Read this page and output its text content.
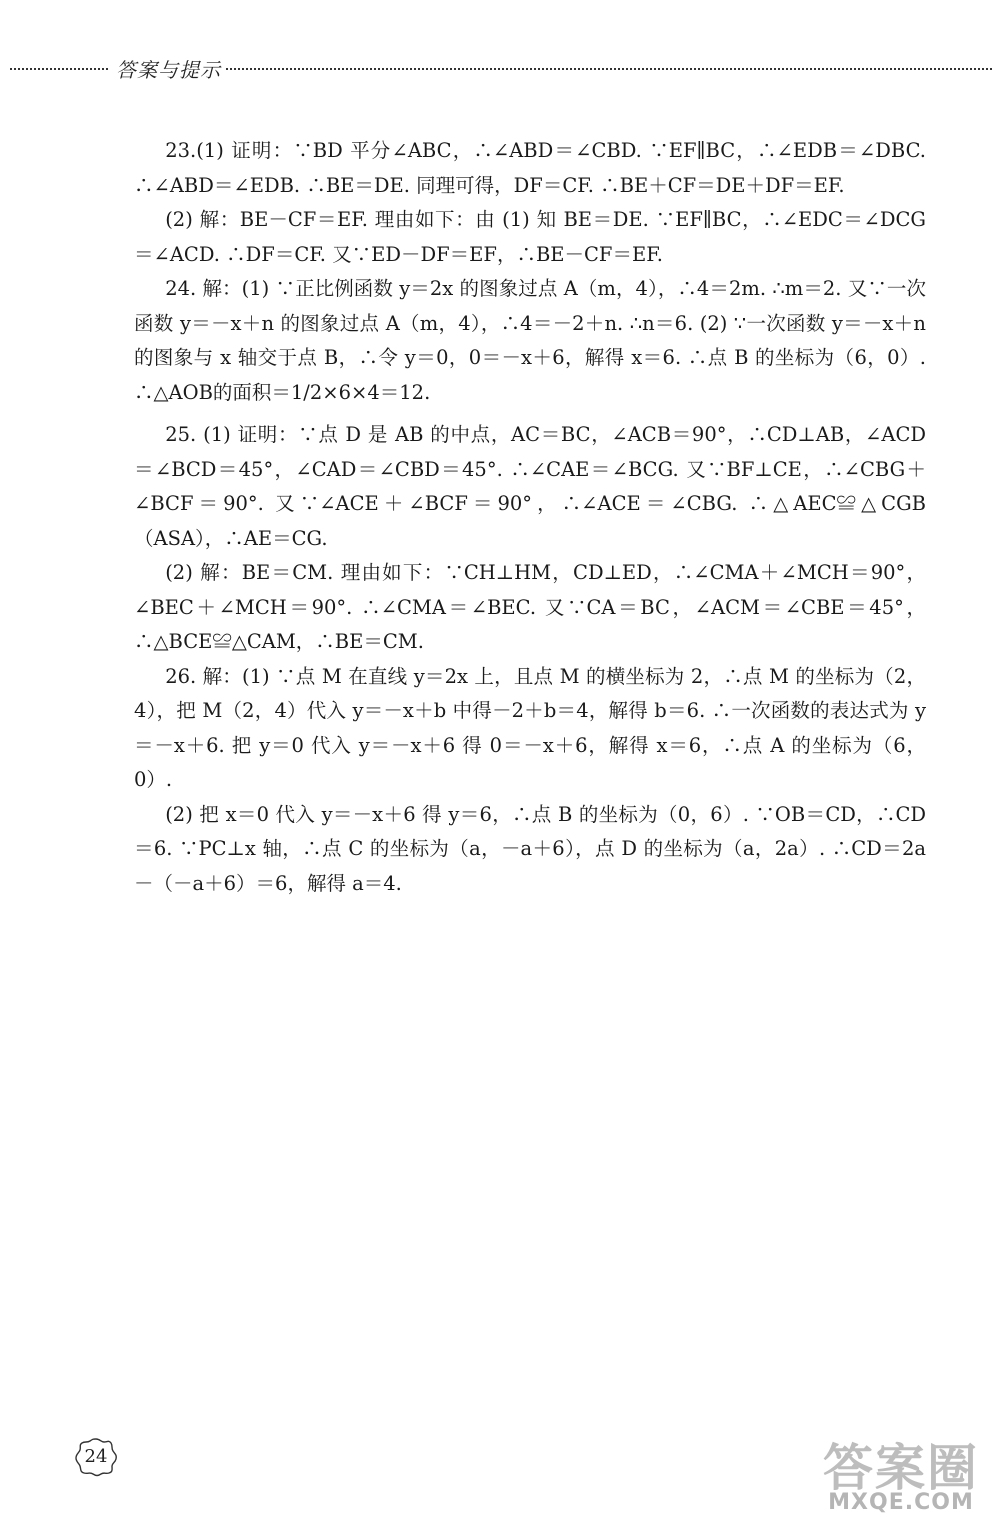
答案与提示

23.(1) 证明：∵BD 平分∠ABC，∴∠ABD＝∠CBD. ∵EF∥BC，∴∠EDB＝∠DBC. ∴∠ABD＝∠EDB. ∴BE＝DE. 同理可得，DF＝CF. ∴BE＋CF＝DE＋DF＝EF.

(2) 解：BE－CF＝EF. 理由如下：由 (1) 知 BE＝DE. ∵EF∥BC，∴∠EDC＝∠DCG＝∠ACD. ∴DF＝CF. 又∵ED－DF＝EF，∴BE－CF＝EF.

24. 解：(1) ∵正比例函数 y＝2x 的图象过点 A（m，4），∴4＝2m. ∴m＝2. 又∵一次函数 y＝－x＋n 的图象过点 A（m，4），∴4＝－2＋n. ∴n＝6. (2) ∵一次函数 y＝－x＋n 的图象与 x 轴交于点 B，∴令 y＝0，0＝－x＋6，解得 x＝6. ∴点 B 的坐标为（6，0）. ∴△AOB的面积＝1/2×6×4＝12.

25. (1) 证明：∵点 D 是 AB 的中点，AC＝BC，∠ACB＝90°，∴CD⊥AB，∠ACD＝∠BCD＝45°，∠CAD＝∠CBD＝45°. ∴∠CAE＝∠BCG. 又∵BF⊥CE，∴∠CBG＋∠BCF＝90°. 又∵∠ACE＋∠BCF＝90°，∴∠ACE＝∠CBG. ∴△AEC≌△CGB（ASA），∴AE＝CG.

(2) 解：BE＝CM. 理由如下：∵CH⊥HM，CD⊥ED，∴∠CMA＋∠MCH＝90°，∠BEC＋∠MCH＝90°. ∴∠CMA＝∠BEC. 又∵CA＝BC，∠ACM＝∠CBE＝45°，∴△BCE≌△CAM，∴BE＝CM.

26. 解：(1) ∵点 M 在直线 y＝2x 上，且点 M 的横坐标为 2，∴点 M 的坐标为（2，4），把 M（2，4）代入 y＝－x＋b 中得－2＋b＝4，解得 b＝6. ∴一次函数的表达式为 y＝－x＋6. 把 y＝0 代入 y＝－x＋6 得 0＝－x＋6，解得 x＝6，∴点 A 的坐标为（6，0）.

(2) 把 x＝0 代入 y＝－x＋6 得 y＝6，∴点 B 的坐标为（0，6）. ∵OB＝CD，∴CD＝6. ∵PC⊥x 轴，∴点 C 的坐标为（a，－a＋6），点 D 的坐标为（a，2a）. ∴CD＝2a－（－a＋6）＝6，解得 a＝4.

24	答案圈
MXQE.COM
